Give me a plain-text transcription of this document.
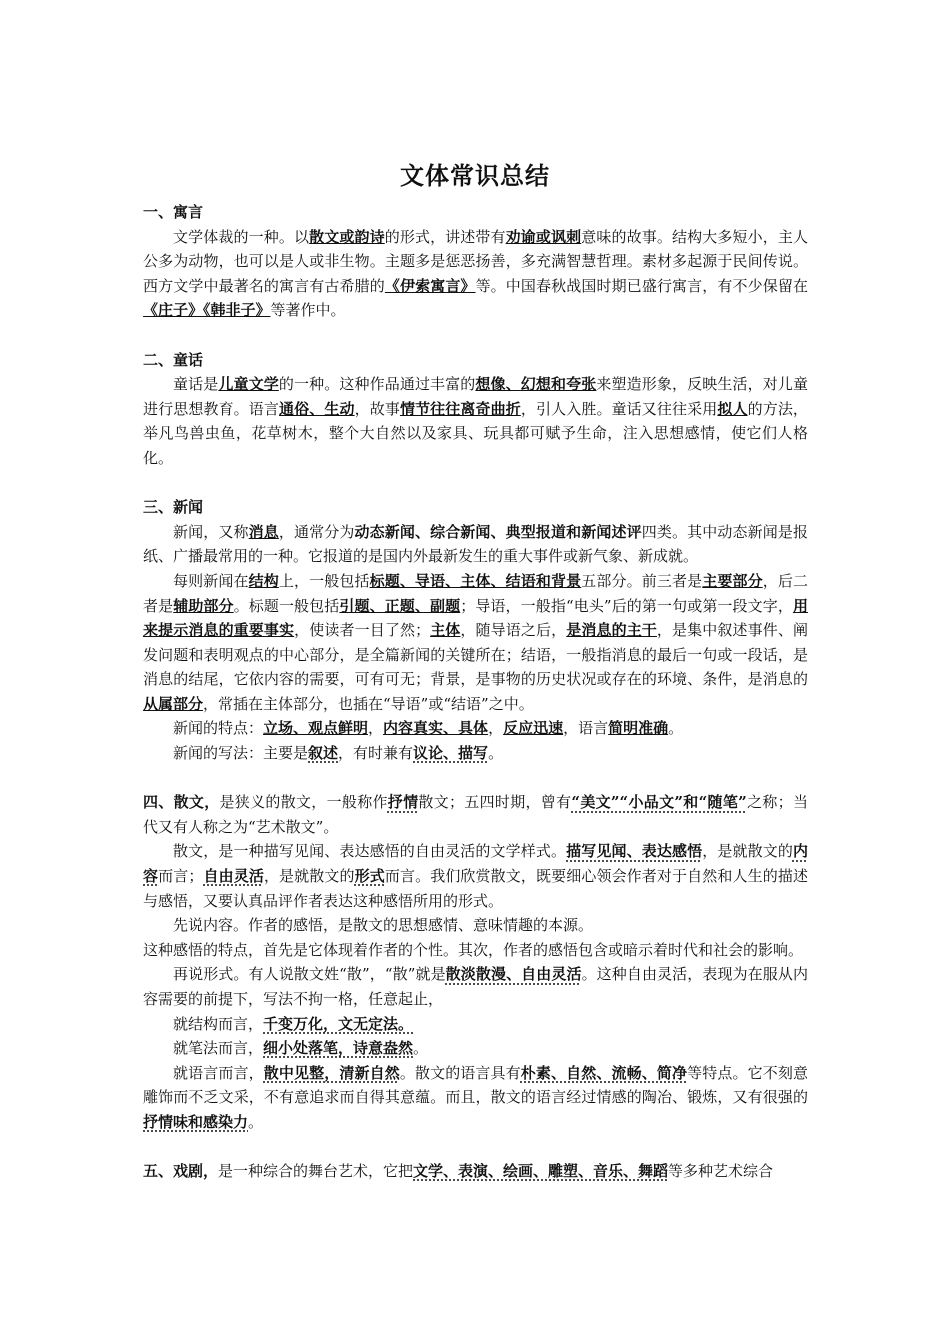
文体常识总结
一、寓言

文学体裁的一种。以散文或韵诗的形式，讲述带有劝谕或讽刺意味的故事。结构大多短小，主人公多为动物，也可以是人或非生物。主题多是惩恶扬善，多充满智慧哲理。素材多起源于民间传说。西方文学中最著名的寓言有古希腊的《伊索寓言》等。中国春秋战国时期已盛行寓言，有不少保留在《庄子》《韩非子》等著作中。

二、童话

童话是儿童文学的一种。这种作品通过丰富的想像、幻想和夸张来塑造形象，反映生活，对儿童进行思想教育。语言通俗、生动，故事情节往往离奇曲折，引人入胜。童话又往往采用拟人的方法，举凡鸟兽虫鱼，花草树木，整个大自然以及家具、玩具都可赋予生命，注入思想感情，使它们人格化。

三、新闻

新闻，又称消息，通常分为动态新闻、综合新闻、典型报道和新闻述评四类。其中动态新闻是报纸、广播最常用的一种。它报道的是国内外最新发生的重大事件或新气象、新成就。

每则新闻在结构上，一般包括标题、导语、主体、结语和背景五部分。前三者是主要部分，后二者是辅助部分。标题一般包括引题、正题、副题；导语，一般指“电头”后的第一句或第一段文字，用来提示消息的重要事实，使读者一目了然；主体，随导语之后，是消息的主干，是集中叙述事件、阐发问题和表明观点的中心部分，是全篇新闻的关键所在；结语，一般指消息的最后一句或一段话，是消息的结尾，它依内容的需要，可有可无；背景，是事物的历史状况或存在的环境、条件，是消息的从属部分，常插在主体部分，也插在“导语”或“结语”之中。

新闻的特点：立场、观点鲜明，内容真实、具体，反应迅速，语言简明准确。

新闻的写法：主要是叙述，有时兼有议论、描写。

四、散文，是狭义的散文，一般称作抒情散文；五四时期，曾有“美文”“小品文”和“随笔”之称；当代又有人称之为“艺术散文”。

散文，是一种描写见闻、表达感悟的自由灵活的文学样式。描写见闻、表达感悟，是就散文的内容而言；自由灵活，是就散文的形式而言。我们欣赏散文，既要细心领会作者对于自然和人生的描述与感悟，又要认真品评作者表达这种感悟所用的形式。

先说内容。作者的感悟，是散文的思想感情、意味情趣的本源。

这种感悟的特点，首先是它体现着作者的个性。其次，作者的感悟包含或暗示着时代和社会的影响。

再说形式。有人说散文姓“散”，“散”就是散淡散漫、自由灵活。这种自由灵活，表现为在服从内容需要的前提下，写法不拘一格，任意起止，

就结构而言，千变万化，文无定法。

就笔法而言，细小处落笔，诗意盎然。

就语言而言，散中见整，清新自然。散文的语言具有朴素、自然、流畅、简净等特点。它不刻意雕饰而不乏文采，不有意追求而自得其意蕴。而且，散文的语言经过情感的陶冶、锻炼，又有很强的抒情味和感染力。

五、戏剧，是一种综合的舞台艺术，它把文学、表演、绘画、雕塑、音乐、舞蹈等多种艺术综合
